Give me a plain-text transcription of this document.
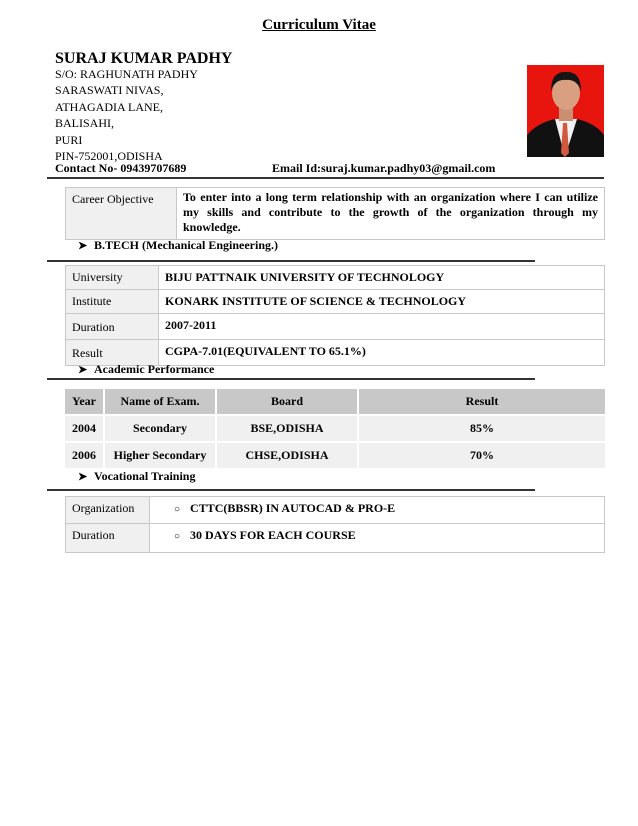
Curriculum Vitae
SURAJ KUMAR PADHY
S/O: RAGHUNATH PADHY
SARASWATI NIVAS,
ATHAGADIA LANE,
BALISAHI,
PURI
Contact No- 09439707689	Email Id:suraj.kumar.padhy03@gmail.com
Career Objective	To enter into a long term relationship with an organization where I can utilize my skills and contribute to the growth of the organization through my knowledge.
➤ B.TECH (Mechanical Engineering.)
University	BIJU PATTNAIK UNIVERSITY OF TECHNOLOGY
Institute	KONARK INSTITUTE OF SCIENCE & TECHNOLOGY
Duration	2007-2011
Result	CGPA-7.01(EQUIVALENT TO 65.1%)
➤ Academic Performance
Year	Name of Exam.	Board	Result
2004	Secondary	BSE,ODISHA	85%
2006	Higher Secondary	CHSE,ODISHA	70%
➤ Vocational Training
Organization	○ CTTC(BBSR) IN AUTOCAD & PRO-E
Duration	○ 30 DAYS FOR EACH COURSE
PIN-752001,ODISHA
